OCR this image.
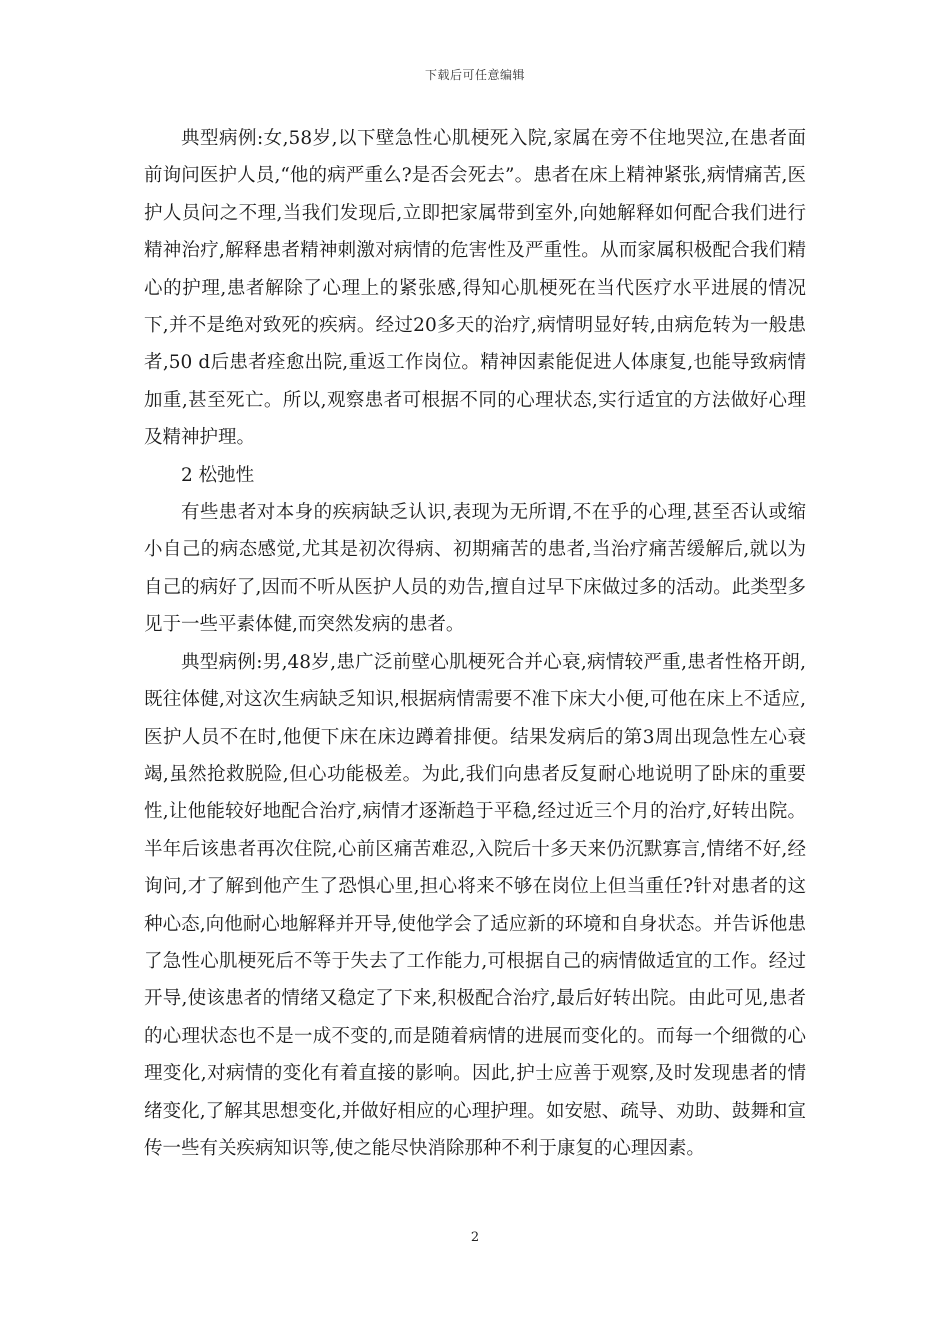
下载后可任意编辑

典型病例:女,58岁,以下壁急性心肌梗死入院,家属在旁不住地哭泣,在患者面前询问医护人员,“他的病严重么?是否会死去”。患者在床上精神紧张,病情痛苦,医护人员问之不理,当我们发现后,立即把家属带到室外,向她解释如何配合我们进行精神治疗,解释患者精神刺激对病情的危害性及严重性。从而家属积极配合我们精心的护理,患者解除了心理上的紧张感,得知心肌梗死在当代医疗水平进展的情况下,并不是绝对致死的疾病。经过20多天的治疗,病情明显好转,由病危转为一般患者,50 d后患者痊愈出院,重返工作岗位。精神因素能促进人体康复,也能导致病情加重,甚至死亡。所以,观察患者可根据不同的心理状态,实行适宜的方法做好心理及精神护理。

2 松弛性

有些患者对本身的疾病缺乏认识,表现为无所谓,不在乎的心理,甚至否认或缩小自己的病态感觉,尤其是初次得病、初期痛苦的患者,当治疗痛苦缓解后,就以为自己的病好了,因而不听从医护人员的劝告,擅自过早下床做过多的活动。此类型多见于一些平素体健,而突然发病的患者。

典型病例:男,48岁,患广泛前壁心肌梗死合并心衰,病情较严重,患者性格开朗,既往体健,对这次生病缺乏知识,根据病情需要不准下床大小便,可他在床上不适应,医护人员不在时,他便下床在床边蹲着排便。结果发病后的第3周出现急性左心衰竭,虽然抢救脱险,但心功能极差。为此,我们向患者反复耐心地说明了卧床的重要性,让他能较好地配合治疗,病情才逐渐趋于平稳,经过近三个月的治疗,好转出院。半年后该患者再次住院,心前区痛苦难忍,入院后十多天来仍沉默寡言,情绪不好,经询问,才了解到他产生了恐惧心里,担心将来不够在岗位上但当重任?针对患者的这种心态,向他耐心地解释并开导,使他学会了适应新的环境和自身状态。并告诉他患了急性心肌梗死后不等于失去了工作能力,可根据自己的病情做适宜的工作。经过开导,使该患者的情绪又稳定了下来,积极配合治疗,最后好转出院。由此可见,患者的心理状态也不是一成不变的,而是随着病情的进展而变化的。而每一个细微的心理变化,对病情的变化有着直接的影响。因此,护士应善于观察,及时发现患者的情绪变化,了解其思想变化,并做好相应的心理护理。如安慰、疏导、劝助、鼓舞和宣传一些有关疾病知识等,使之能尽快消除那种不利于康复的心理因素。

2
